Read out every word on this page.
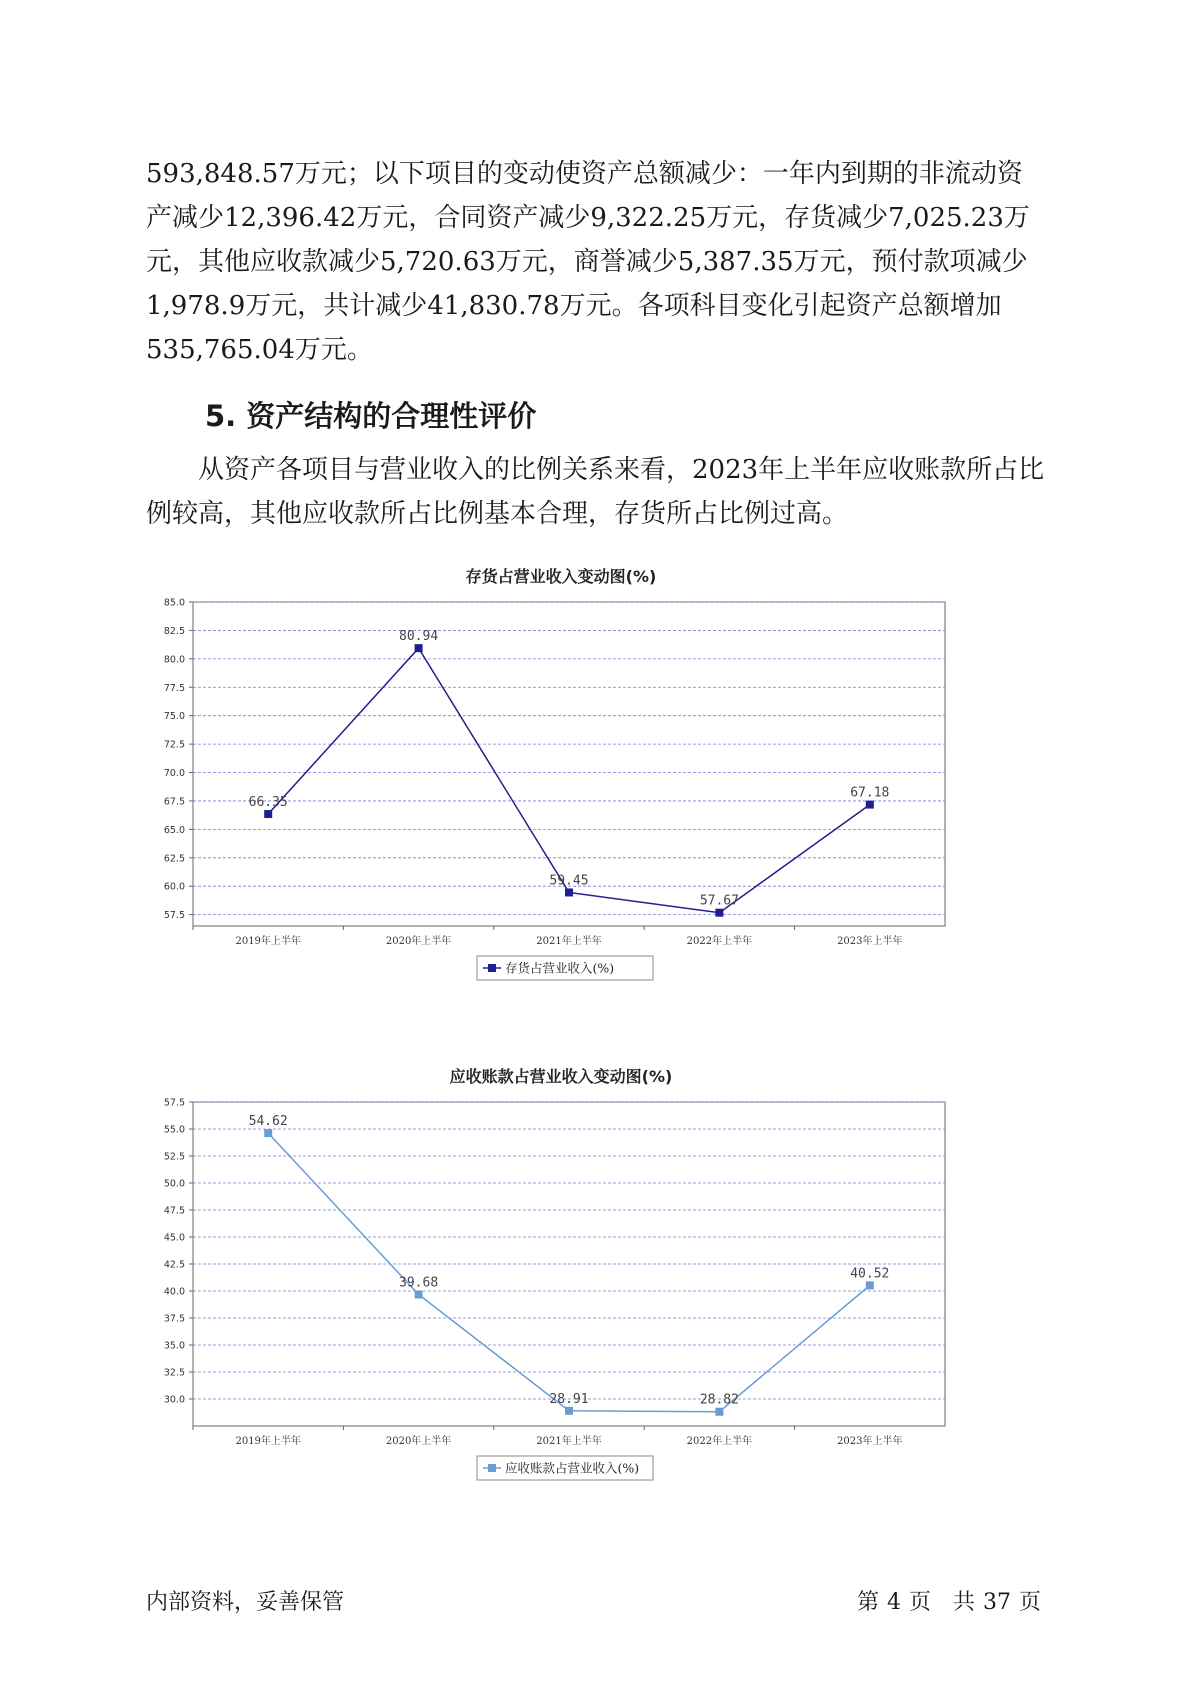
593,848.57万元；以下项目的变动使资产总额减少：一年内到期的非流动资产减少12,396.42万元，合同资产减少9,322.25万元，存货减少7,025.23万元，其他应收款减少5,720.63万元，商誉减少5,387.35万元，预付款项减少1,978.9万元，共计减少41,830.78万元。各项科目变化引起资产总额增加535,765.04万元。

5. 资产结构的合理性评价

从资产各项目与营业收入的比例关系来看，2023年上半年应收账款所占比例较高，其他应收款所占比例基本合理，存货所占比例过高。

存货占营业收入变动图(%)
57.5
60.0
62.5
65.0
67.5
70.0
72.5
75.0
77.5
80.0
82.5
85.0
2019年上半年	2020年上半年	2021年上半年	2022年上半年	2023年上半年
66.35
80.94
59.45
57.67
67.18
存货占营业收入(%)
应收账款占营业收入变动图(%)
30.0
32.5
35.0
37.5
40.0
42.5
45.0
47.5
50.0
52.5
55.0
57.5
2019年上半年	2020年上半年	2021年上半年	2022年上半年	2023年上半年
54.62
39.68
28.91	28.82
40.52
应收账款占营业收入(%)
内部资料，妥善保管	第 4 页 共 37 页
